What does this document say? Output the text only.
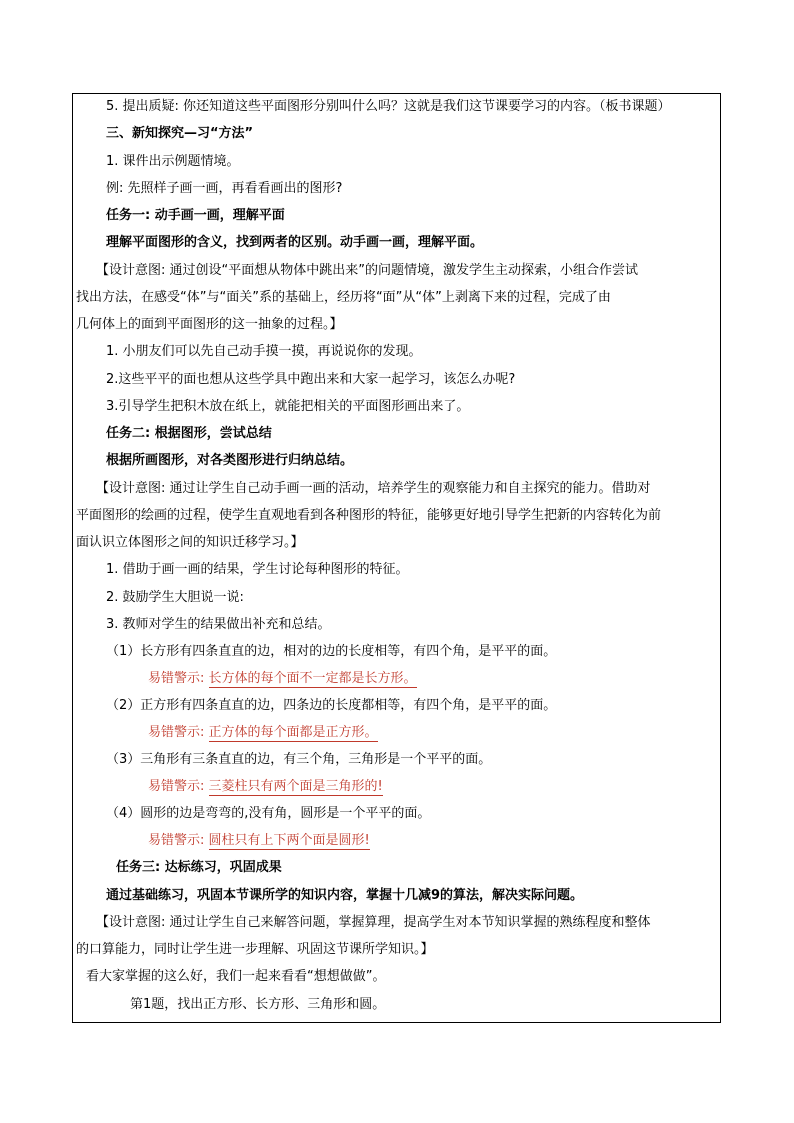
5. 提出质疑: 你还知道这些平面图形分别叫什么吗？这就是我们这节课要学习的内容。（板书课题）
三、新知探究—习“方法”
1. 课件出示例题情境。
例: 先照样子画一画，再看看画出的图形?
任务一: 动手画一画，理解平面
理解平面图形的含义，找到两者的区别。动手画一画，理解平面。
【设计意图: 通过创设“平面想从物体中跳出来”的问题情境，激发学生主动探索，小组合作尝试
找出方法，在感受“体”与“面关”系的基础上，经历将“面”从“体”上剥离下来的过程，完成了由
几何体上的面到平面图形的这一抽象的过程。】
1. 小朋友们可以先自己动手摸一摸，再说说你的发现。
2.这些平平的面也想从这些学具中跑出来和大家一起学习，该怎么办呢?
3.引导学生把积木放在纸上，就能把相关的平面图形画出来了。
任务二: 根据图形，尝试总结
根据所画图形，对各类图形进行归纳总结。
【设计意图: 通过让学生自己动手画一画的活动，培养学生的观察能力和自主探究的能力。借助对
平面图形的绘画的过程，使学生直观地看到各种图形的特征，能够更好地引导学生把新的内容转化为前
面认识立体图形之间的知识迁移学习。】
1. 借助于画一画的结果，学生讨论每种图形的特征。
2. 鼓励学生大胆说一说:
3. 教师对学生的结果做出补充和总结。
（1）长方形有四条直直的边，相对的边的长度相等，有四个角，是平平的面。
易错警示: 长方体的每个面不一定都是长方形。
（2）正方形有四条直直的边，四条边的长度都相等，有四个角，是平平的面。
易错警示: 正方体的每个面都是正方形。
（3）三角形有三条直直的边，有三个角，三角形是一个平平的面。
易错警示: 三菱柱只有两个面是三角形的!
（4）圆形的边是弯弯的,没有角，圆形是一个平平的面。
易错警示: 圆柱只有上下两个面是圆形!
任务三: 达标练习，巩固成果
通过基础练习，巩固本节课所学的知识内容，掌握十几减9的算法，解决实际问题。
【设计意图: 通过让学生自己来解答问题，掌握算理，提高学生对本节知识掌握的熟练程度和整体
的口算能力，同时让学生进一步理解、巩固这节课所学知识。】
看大家掌握的这么好，我们一起来看看“想想做做”。
第1题，找出正方形、长方形、三角形和圆。
